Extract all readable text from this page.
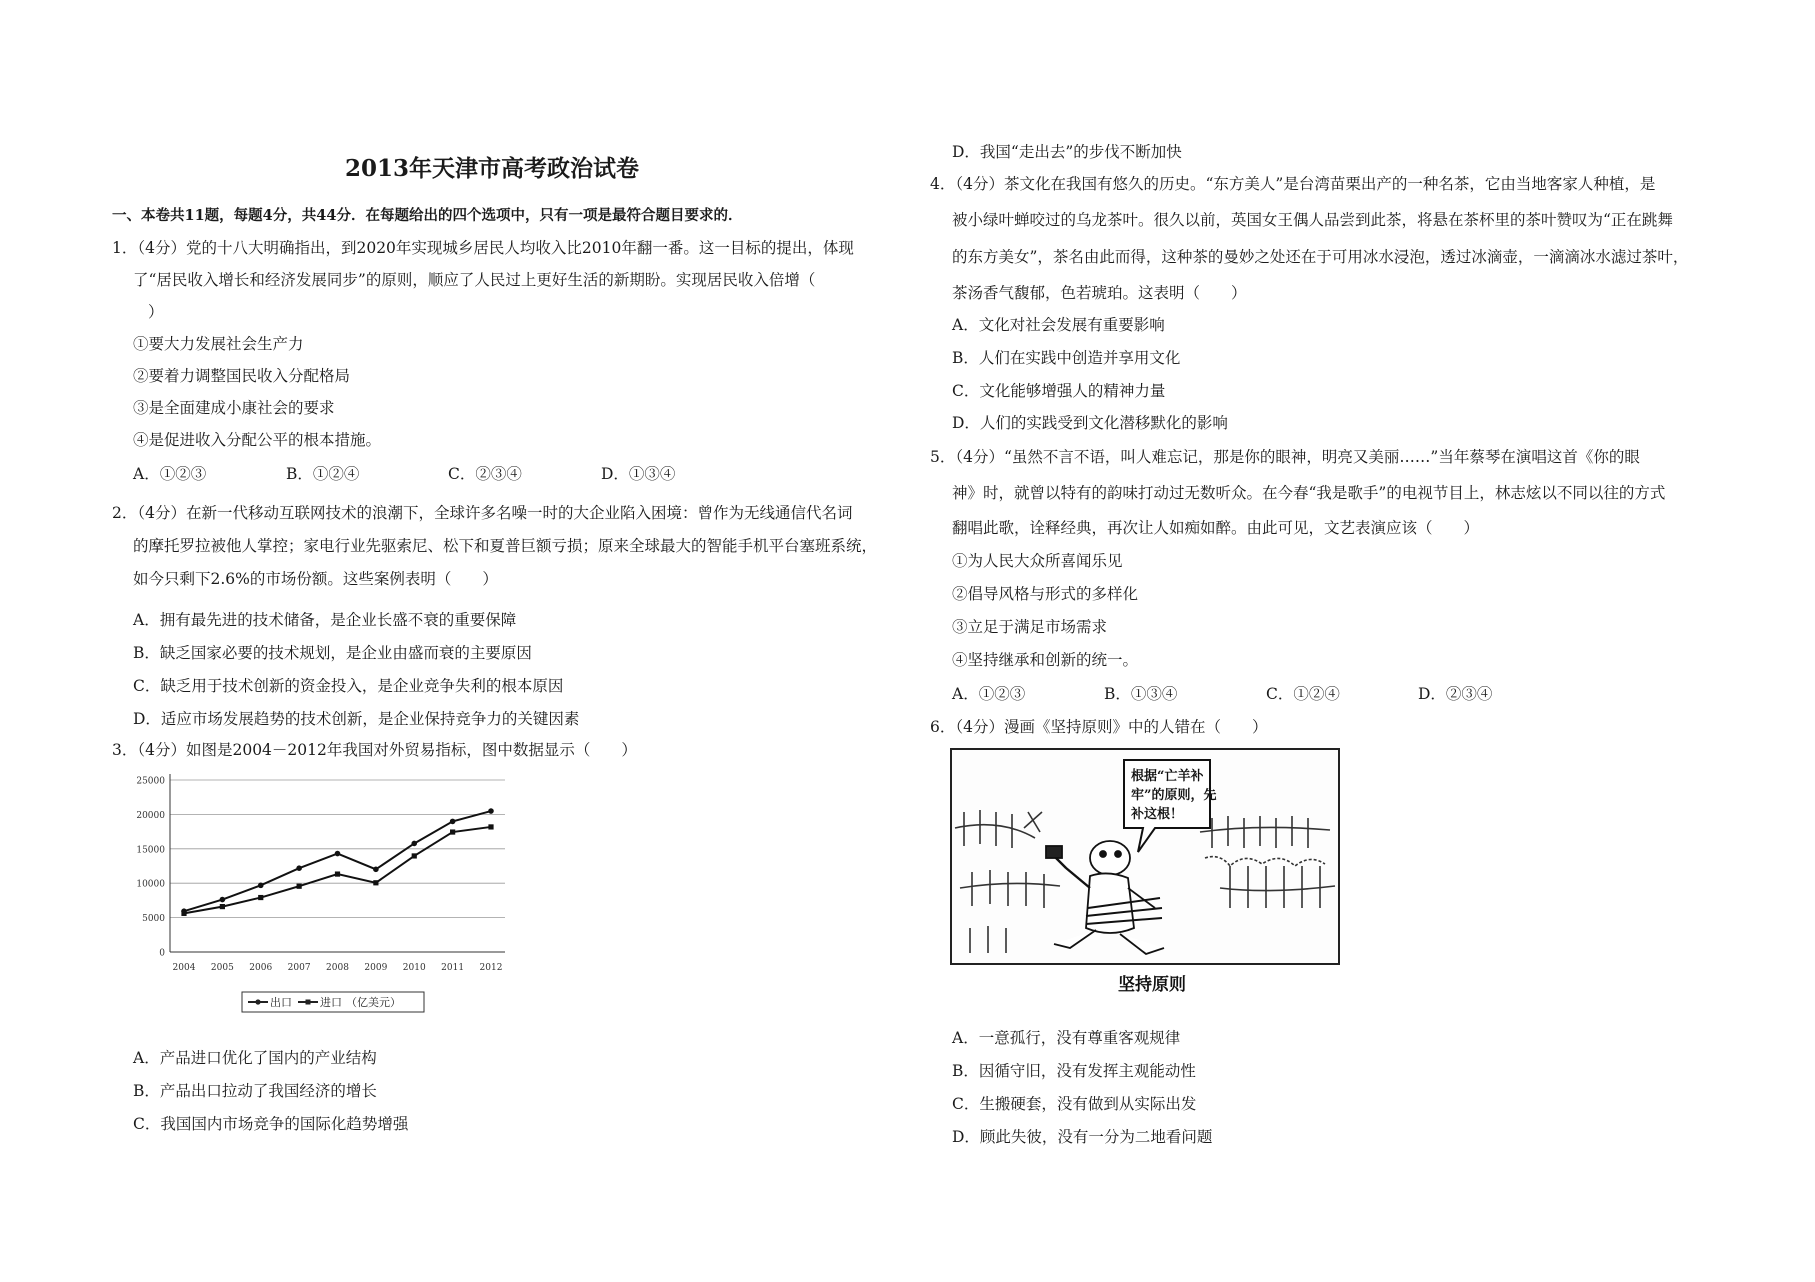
2013年天津市高考政治试卷
一、本卷共11题，每题4分，共44分．在每题给出的四个选项中，只有一项是最符合题目要求的．
1．（4分）党的十八大明确指出，到2020年实现城乡居民人均收入比2010年翻一番。这一目标的提出，体现
了“居民收入增长和经济发展同步”的原则，顺应了人民过上更好生活的新期盼。实现居民收入倍增（
）
①要大力发展社会生产力
②要着力调整国民收入分配格局
③是全面建成小康社会的要求
④是促进收入分配公平的根本措施。
A．①②③	B．①②④	C．②③④	D．①③④
2．（4分）在新一代移动互联网技术的浪潮下，全球许多名噪一时的大企业陷入困境：曾作为无线通信代名词
的摩托罗拉被他人掌控；家电行业先驱索尼、松下和夏普巨额亏损；原来全球最大的智能手机平台塞班系统，
如今只剩下2.6%的市场份额。这些案例表明（　　）
A．拥有最先进的技术储备，是企业长盛不衰的重要保障
B．缺乏国家必要的技术规划，是企业由盛而衰的主要原因
C．缺乏用于技术创新的资金投入，是企业竞争失利的根本原因
D．适应市场发展趋势的技术创新，是企业保持竞争力的关键因素
3．（4分）如图是2004－2012年我国对外贸易指标，图中数据显示（　　）
0
5000
10000
15000
20000
25000
2004 2005 2006 2007 2008 2009 2010 2011 2012
出口	进口 （亿美元）
A．产品进口优化了国内的产业结构
B．产品出口拉动了我国经济的增长
C．我国国内市场竞争的国际化趋势增强
D．我国“走出去”的步伐不断加快
4．（4分）茶文化在我国有悠久的历史。“东方美人”是台湾苗栗出产的一种名茶，它由当地客家人种植，是
被小绿叶蝉咬过的乌龙茶叶。很久以前，英国女王偶人品尝到此茶，将悬在茶杯里的茶叶赞叹为“正在跳舞
的东方美女”，茶名由此而得，这种茶的曼妙之处还在于可用冰水浸泡，透过冰滴壶，一滴滴冰水滤过茶叶，
茶汤香气馥郁，色若琥珀。这表明（　　）
A．文化对社会发展有重要影响
B．人们在实践中创造并享用文化
C．文化能够增强人的精神力量
D．人们的实践受到文化潜移默化的影响
5．（4分）“虽然不言不语，叫人难忘记，那是你的眼神，明亮又美丽……”当年蔡琴在演唱这首《你的眼
神》时，就曾以特有的韵味打动过无数听众。在今春“我是歌手”的电视节目上，林志炫以不同以往的方式
翻唱此歌，诠释经典，再次让人如痴如醉。由此可见，文艺表演应该（　　）
①为人民大众所喜闻乐见
②倡导风格与形式的多样化
③立足于满足市场需求
④坚持继承和创新的统一。
A．①②③	B．①③④	C．①②④	D．②③④
6．（4分）漫画《坚持原则》中的人错在（　　）
根据“亡羊补
牢”的原则，先
补这根！
坚持原则
A．一意孤行，没有尊重客观规律
B．因循守旧，没有发挥主观能动性
C．生搬硬套，没有做到从实际出发
D．顾此失彼，没有一分为二地看问题
